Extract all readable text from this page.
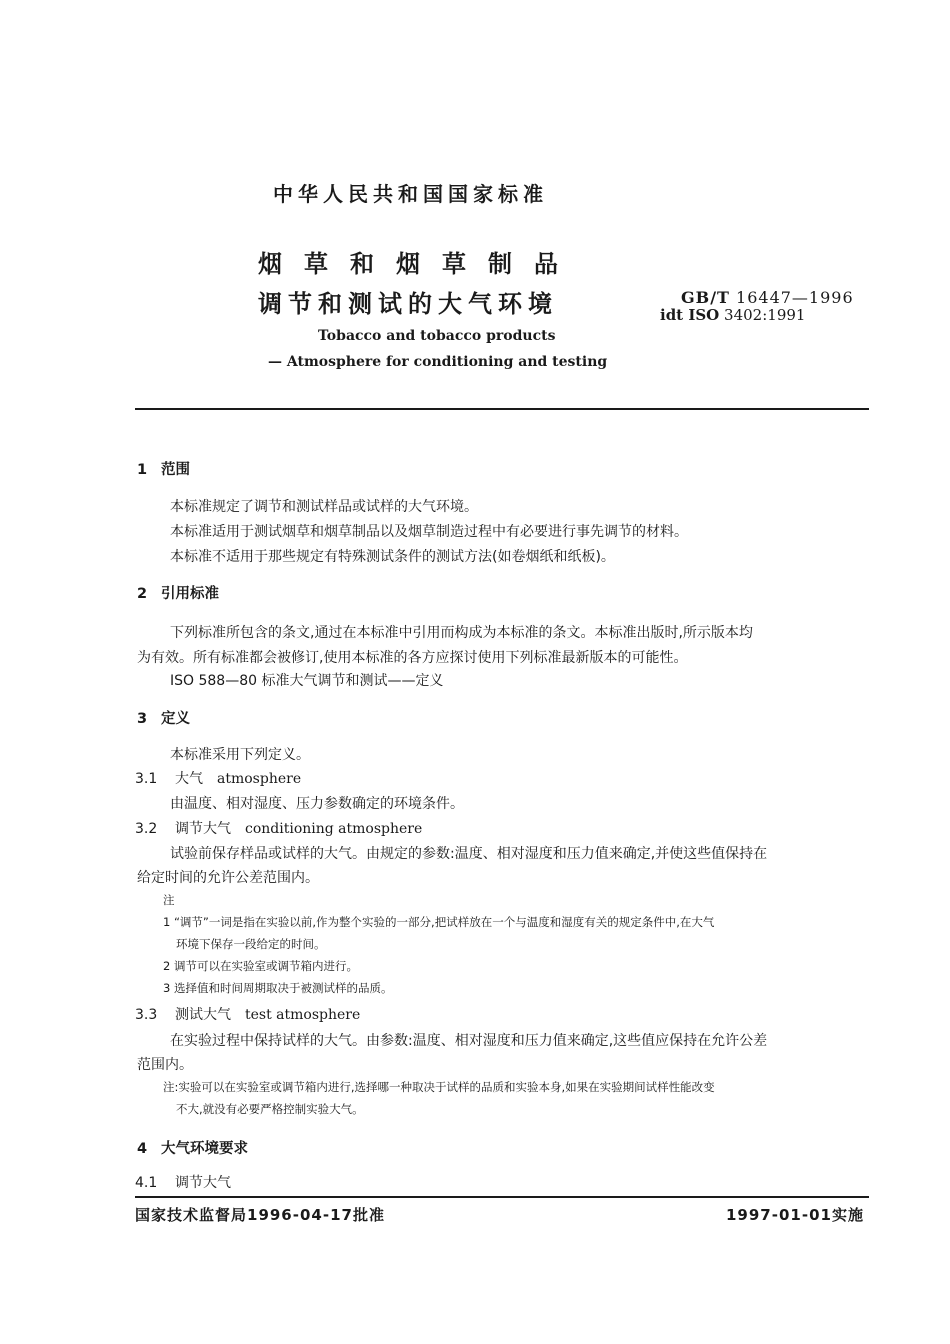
中华人民共和国国家标准
烟草和烟草制品
调节和测试的大气环境	GB/T 16447—1996
idt ISO 3402:1991
Tobacco and tobacco products
— Atmosphere for conditioning and testing
1 范围
本标准规定了调节和测试样品或试样的大气环境。
本标准适用于测试烟草和烟草制品以及烟草制造过程中有必要进行事先调节的材料。
本标准不适用于那些规定有特殊测试条件的测试方法(如卷烟纸和纸板)。
2 引用标准
下列标准所包含的条文,通过在本标准中引用而构成为本标准的条文。本标准出版时,所示版本均
为有效。所有标准都会被修订,使用本标准的各方应探讨使用下列标准最新版本的可能性。
ISO 588—80 标准大气调节和测试——定义
3 定义
本标准采用下列定义。
3.1 大气 atmosphere
由温度、相对湿度、压力参数确定的环境条件。
3.2 调节大气 conditioning atmosphere
试验前保存样品或试样的大气。由规定的参数:温度、相对湿度和压力值来确定,并使这些值保持在
给定时间的允许公差范围内。
注
1 “调节”一词是指在实验以前,作为整个实验的一部分,把试样放在一个与温度和湿度有关的规定条件中,在大气
环境下保存一段给定的时间。
2 调节可以在实验室或调节箱内进行。
3 选择值和时间周期取决于被测试样的品质。
3.3 测试大气 test atmosphere
在实验过程中保持试样的大气。由参数:温度、相对湿度和压力值来确定,这些值应保持在允许公差
范围内。
注:实验可以在实验室或调节箱内进行,选择哪一种取决于试样的品质和实验本身,如果在实验期间试样性能改变
不大,就没有必要严格控制实验大气。
4 大气环境要求
4.1 调节大气
国家技术监督局1996-04-17批准	1997-01-01实施
